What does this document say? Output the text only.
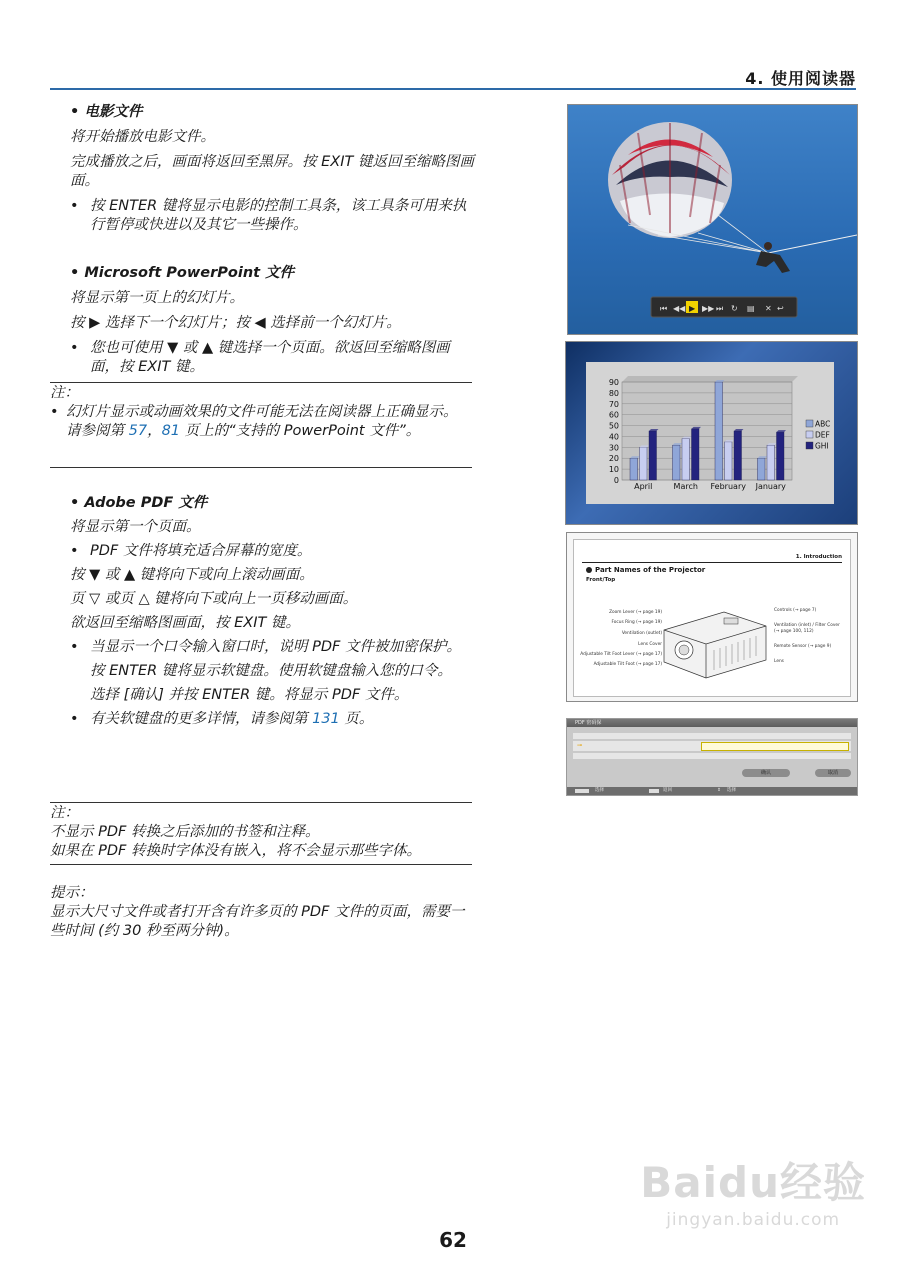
4. 使用阅读器

• 电影文件

将开始播放电影文件。

完成播放之后，画面将返回至黑屏。按 EXIT 键返回至缩略图画面。

• 按 ENTER 键将显示电影的控制工具条，该工具条可用来执行暂停或快进以及其它一些操作。

• Microsoft PowerPoint 文件

将显示第一页上的幻灯片。

按 ▶ 选择下一个幻灯片；按 ◀ 选择前一个幻灯片。

• 您也可使用 ▼ 或 ▲ 键选择一个页面。欲返回至缩略图画面，按 EXIT 键。

注：

• 幻灯片显示或动画效果的文件可能无法在阅读器上正确显示。

请参阅第 57，81 页上的“支持的 PowerPoint 文件”。

• Adobe PDF 文件

将显示第一个页面。

• PDF 文件将填充适合屏幕的宽度。

按 ▼ 或 ▲ 键将向下或向上滚动画面。

页 ▽ 或页 △ 键将向下或向上一页移动画面。

欲返回至缩略图画面，按 EXIT 键。

• 当显示一个口令输入窗口时，说明 PDF 文件被加密保护。

按 ENTER 键将显示软键盘。使用软键盘输入您的口令。

选择 [确认] 并按 ENTER 键。将显示 PDF 文件。

• 有关软键盘的更多详情，请参阅第 131 页。

注：

不显示 PDF 转换之后添加的书签和注释。

如果在 PDF 转换时字体没有嵌入，将不会显示那些字体。

提示：

显示大尺寸文件或者打开含有许多页的 PDF 文件的页面，需要一些时间 (约 30 秒至两分钟)。

⏮ ◀◀ ▶ ▶▶ ⏭ ↻ ▤ ✕ ↩
0
10
20
30
40
50
60
70
80
90
April	March February January
ABC
DEF
GHI
1. Introduction
Part Names of the Projector
Front/Top
Zoom Lever (→ page 19)
Focus Ring (→ page 19)
Ventilation (outlet)
Lens Cover
Adjustable Tilt Foot Lever (→ page 17)
Adjustable Tilt Foot (→ page 17)
Controls (→ page 7)
Ventilation (inlet) / Filter Cover (→ page 100, 112)
Remote Sensor (→ page 9)
Lens
PDF 密码保
⊸
确认	取消
选择	返回	⇕ 选择
62
Baidu经验
jingyan.baidu.com
